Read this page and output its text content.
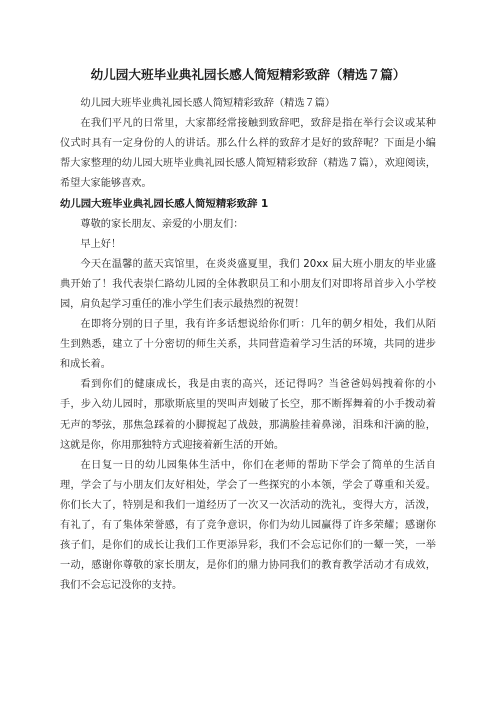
幼儿园大班毕业典礼园长感人简短精彩致辞（精选７篇）

幼儿园大班毕业典礼园长感人简短精彩致辞（精选７篇）

在我们平凡的日常里，大家都经常接触到致辞吧，致辞是指在举行会议或某种仪式时具有一定身份的人的讲话。那么什么样的致辞才是好的致辞呢？下面是小编帮大家整理的幼儿园大班毕业典礼园长感人简短精彩致辞（精选７篇），欢迎阅读，希望大家能够喜欢。

幼儿园大班毕业典礼园长感人简短精彩致辞 1

尊敬的家长朋友、亲爱的小朋友们：

早上好！

今天在温馨的蓝天宾馆里，在炎炎盛夏里，我们 20xx 届大班小朋友的毕业盛典开始了！我代表崇仁路幼儿园的全体教职员工和小朋友们对即将昂首步入小学校园，肩负起学习重任的准小学生们表示最热烈的祝贺！

在即将分别的日子里，我有许多话想说给你们听：几年的朝夕相处，我们从陌生到熟悉，建立了十分密切的师生关系，共同营造着学习生活的环境，共同的进步和成长着。

看到你们的健康成长，我是由衷的高兴，还记得吗？当爸爸妈妈拽着你的小手，步入幼儿园时，那歇斯底里的哭叫声划破了长空，那不断挥舞着的小手拨动着无声的琴弦，那焦急踩着的小脚搅起了战鼓，那满脸挂着鼻涕，泪珠和汗滴的脸，这就是你，你用那独特方式迎接着新生活的开始。

在日复一日的幼儿园集体生活中，你们在老师的帮助下学会了简单的生活自理，学会了与小朋友们友好相处，学会了一些探究的小本领，学会了尊重和关爱。你们长大了，特别是和我们一道经历了一次又一次活动的洗礼，变得大方，活泼，有礼了，有了集体荣誉感，有了竞争意识，你们为幼儿园赢得了许多荣耀；感谢你孩子们，是你们的成长让我们工作更添异彩，我们不会忘记你们的一颦一笑，一举一动，感谢你尊敬的家长朋友，是你们的鼎力协同我们的教育教学活动才有成效，我们不会忘记没你的支持。
